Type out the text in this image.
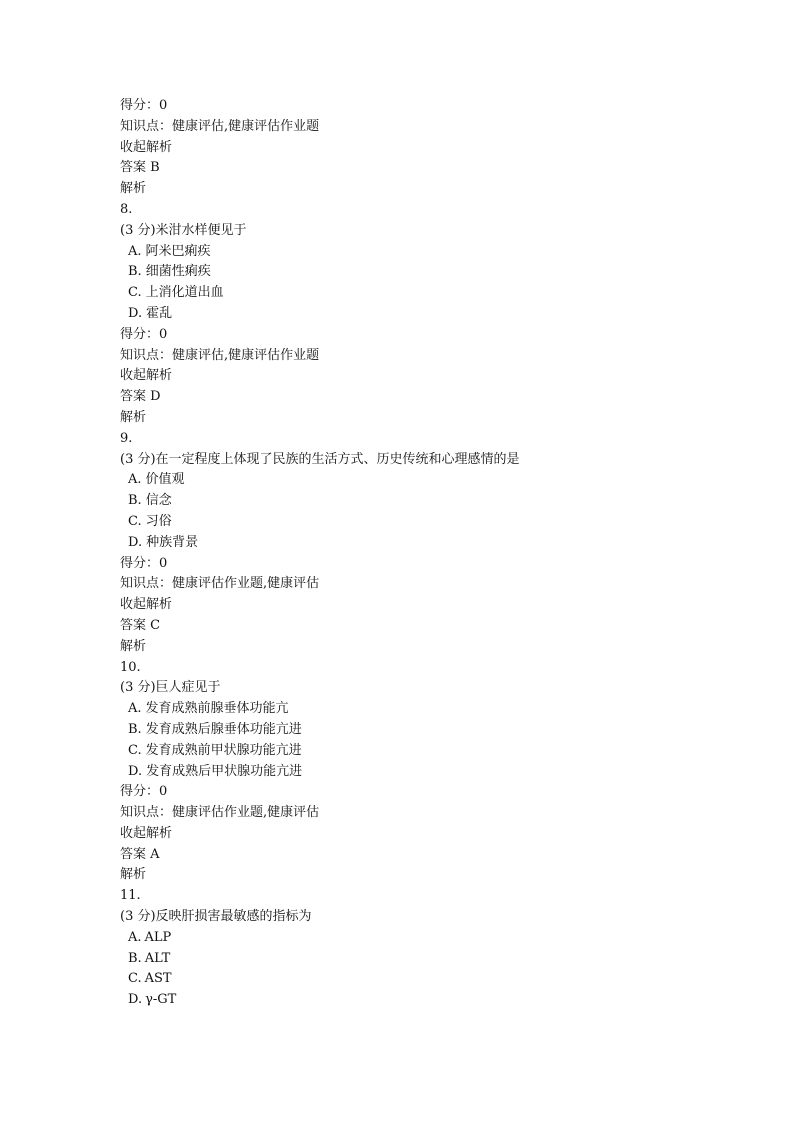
得分：0
知识点：健康评估,健康评估作业题
收起解析
答案 B
解析
8.
(3 分)米泔水样便见于
A. 阿米巴痢疾
B. 细菌性痢疾
C. 上消化道出血
D. 霍乱
得分：0
知识点：健康评估,健康评估作业题
收起解析
答案 D
解析
9.
(3 分)在一定程度上体现了民族的生活方式、历史传统和心理感情的是
A. 价值观
B. 信念
C. 习俗
D. 种族背景
得分：0
知识点：健康评估作业题,健康评估
收起解析
答案 C
解析
10.
(3 分)巨人症见于
A. 发育成熟前腺垂体功能亢
B. 发育成熟后腺垂体功能亢进
C. 发育成熟前甲状腺功能亢进
D. 发育成熟后甲状腺功能亢进
得分：0
知识点：健康评估作业题,健康评估
收起解析
答案 A
解析
11.
(3 分)反映肝损害最敏感的指标为
A. ALP
B. ALT
C. AST
D. γ-GT
